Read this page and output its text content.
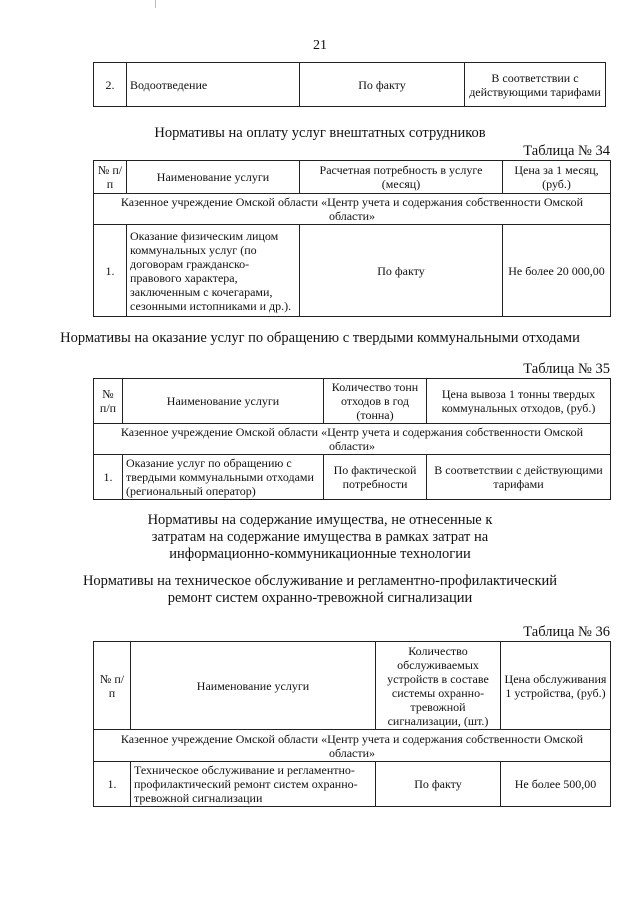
21
2.	Водоотведение	По факту	В соответствии с действующими тарифами
Нормативы на оплату услуг внештатных сотрудников
Таблица № 34
№ п/п	Наименование услуги	Расчетная потребность в услуге (месяц)	Цена за 1 месяц, (руб.)
Казенное учреждение Омской области «Центр учета и содержания собственности Омской области»			
1.	Оказание физическим лицом коммунальных услуг (по договорам гражданско-правового характера, заключенным с кочегарами, сезонными истопниками и др.).	По факту	Не более 20 000,00
Нормативы на оказание услуг по обращению с твердыми коммунальными отходами
Таблица № 35
№ п/п	Наименование услуги	Количество тонн отходов в год (тонна)	Цена вывоза 1 тонны твердых коммунальных отходов, (руб.)
Казенное учреждение Омской области «Центр учета и содержания собственности Омской области»			
1.	Оказание услуг по обращению с твердыми коммунальными отходами (региональный оператор)	По фактической потребности	В соответствии с действующими тарифами
Нормативы на содержание имущества, не отнесенные к затратам на содержание имущества в рамках затрат на информационно-коммуникационные технологии
Нормативы на техническое обслуживание и регламентно-профилактический ремонт систем охранно-тревожной сигнализации
Таблица № 36
№ п/п	Наименование услуги	Количество обслуживаемых устройств в составе системы охранно-тревожной сигнализации, (шт.)	Цена обслуживания 1 устройства, (руб.)
Казенное учреждение Омской области «Центр учета и содержания собственности Омской области»			
1.	Техническое обслуживание и регламентно-профилактический ремонт систем охранно-тревожной сигнализации	По факту	Не более 500,00
